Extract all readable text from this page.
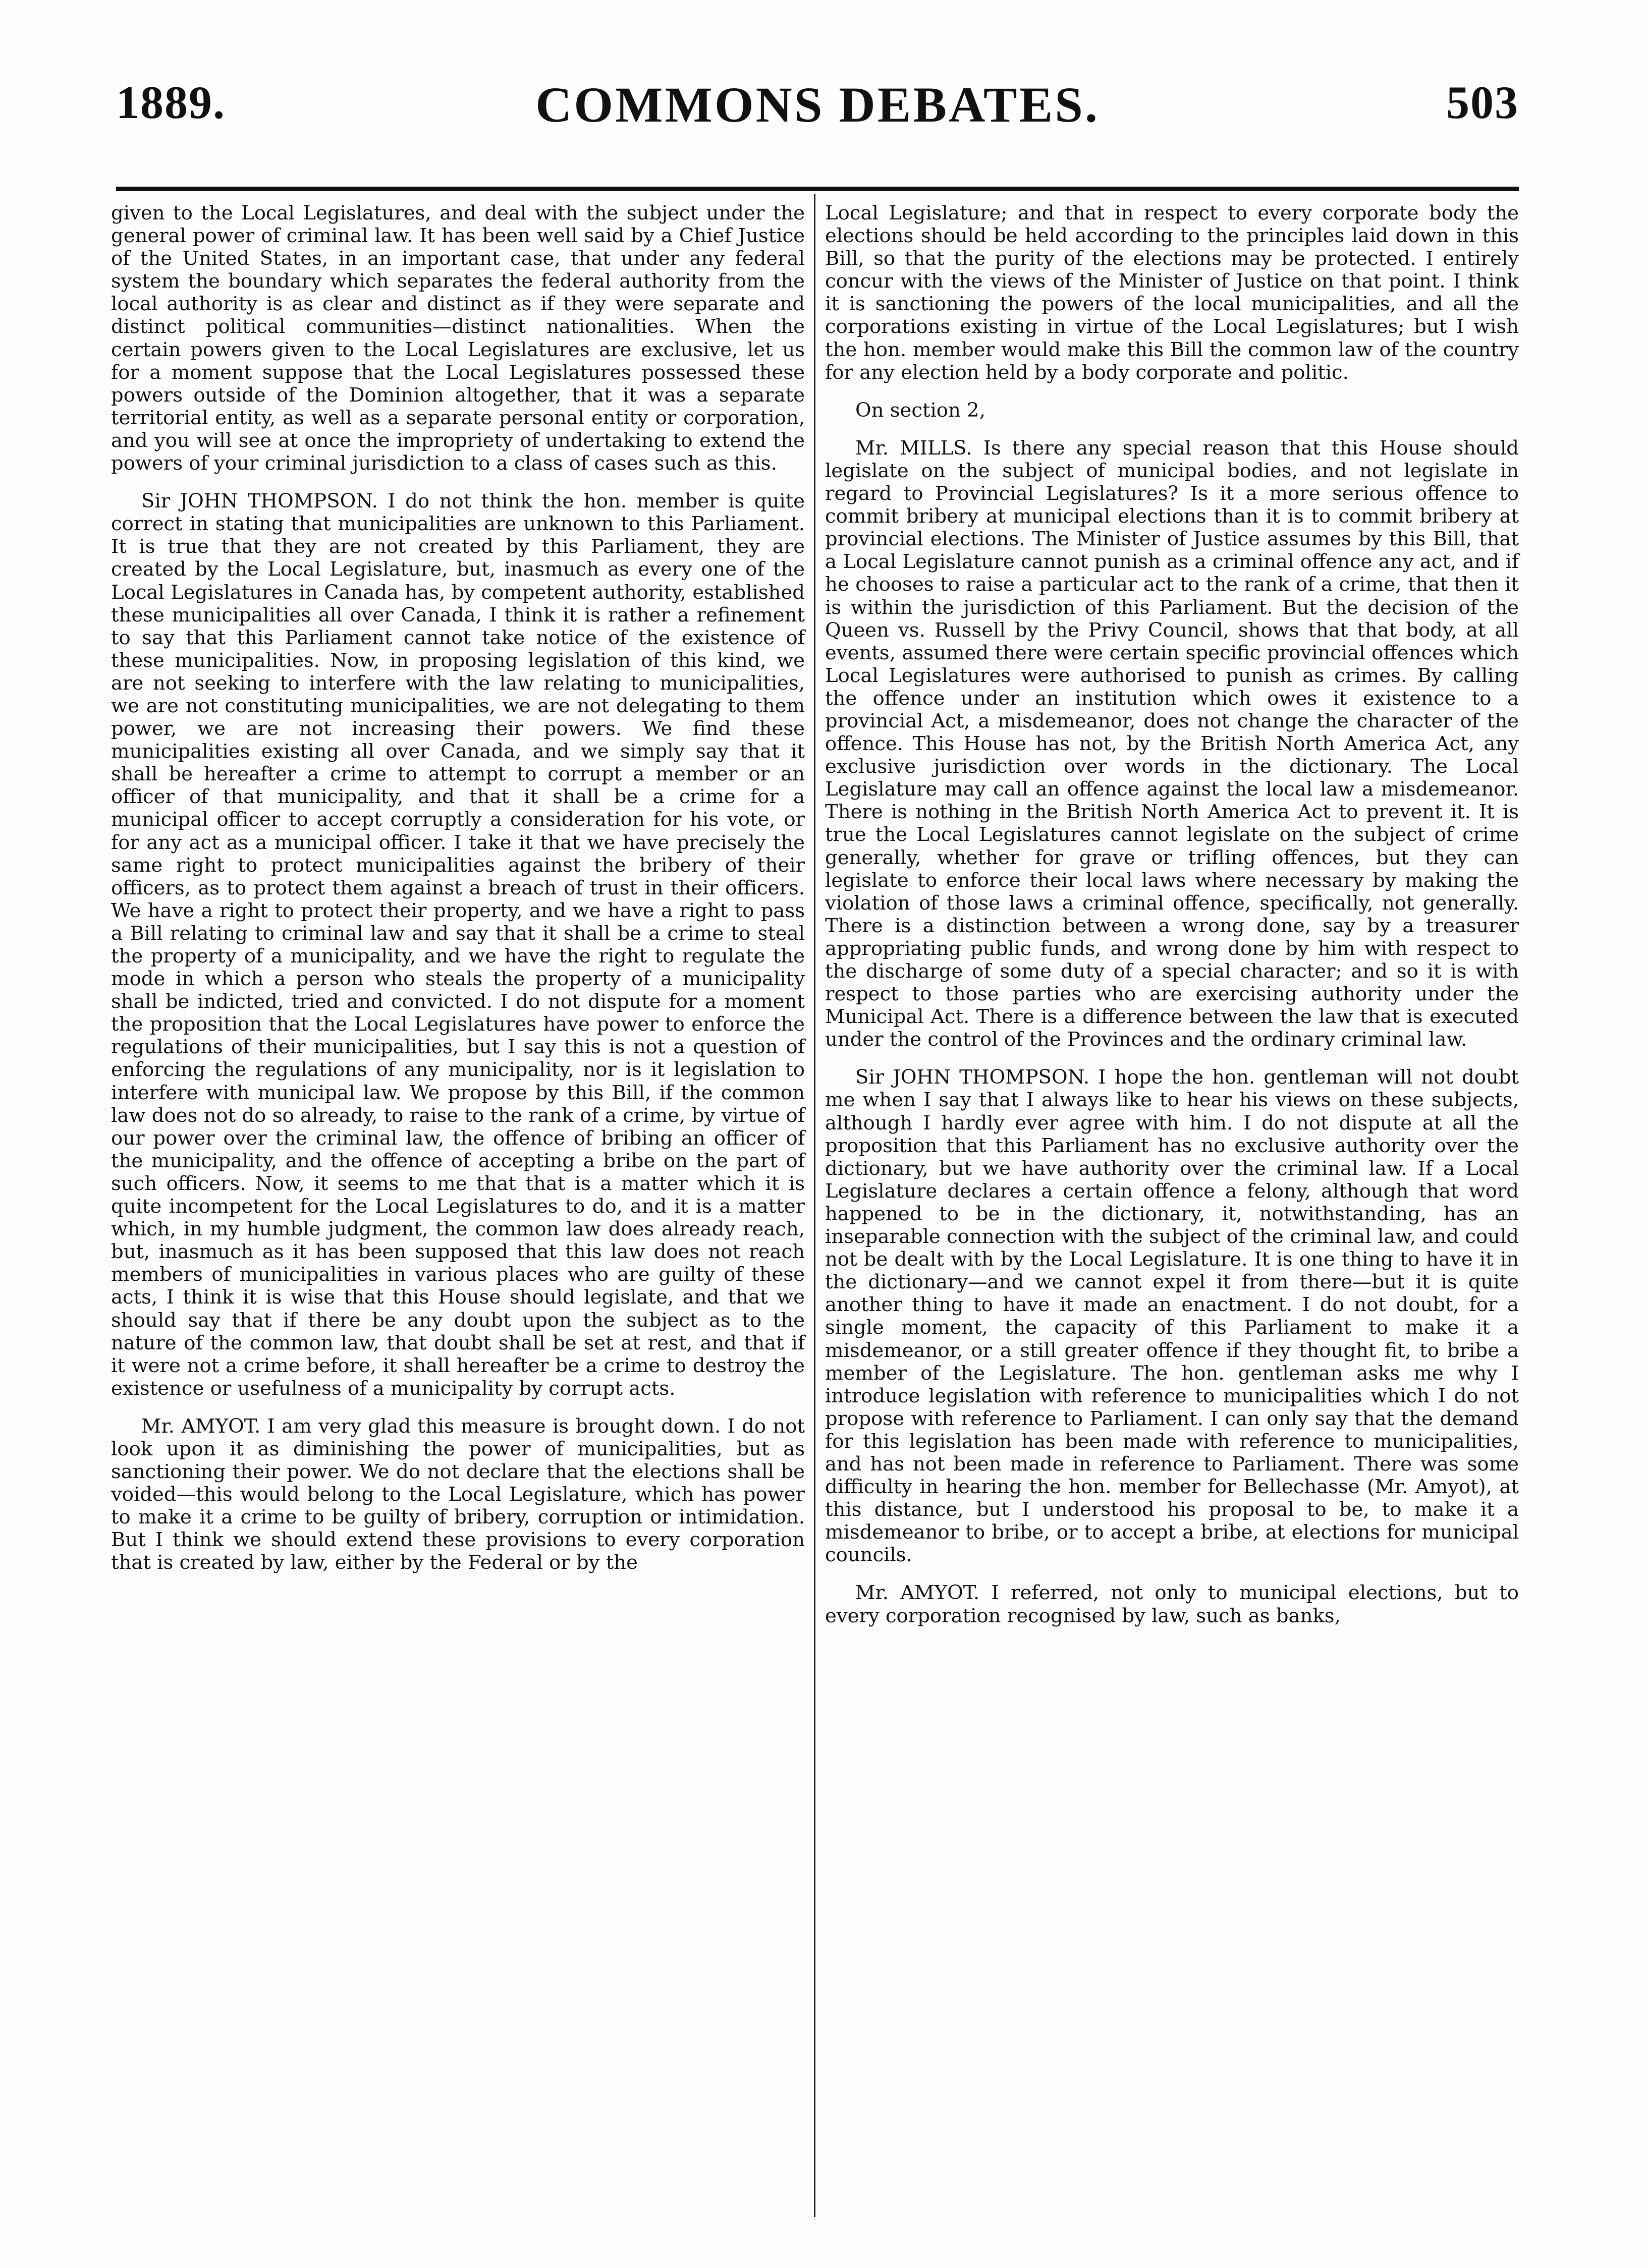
1889.	COMMONS DEBATES.	503

given to the Local Legislatures, and deal with the subject under the general power of criminal law. It has been well said by a Chief Justice of the United States, in an important case, that under any federal system the boundary which separates the federal authority from the local authority is as clear and distinct as if they were separate and distinct political communities—distinct nationalities. When the certain powers given to the Local Legislatures are exclusive, let us for a moment suppose that the Local Legislatures possessed these powers outside of the Dominion altogether, that it was a separate territorial entity, as well as a separate personal entity or corporation, and you will see at once the impropriety of undertaking to extend the powers of your criminal jurisdiction to a class of cases such as this.

Sir JOHN THOMPSON. I do not think the hon. member is quite correct in stating that municipalities are unknown to this Parliament. It is true that they are not created by this Parliament, they are created by the Local Legislature, but, inasmuch as every one of the Local Legislatures in Canada has, by competent authority, established these municipalities all over Canada, I think it is rather a refinement to say that this Parliament cannot take notice of the existence of these municipalities. Now, in proposing legislation of this kind, we are not seeking to interfere with the law relating to municipalities, we are not constituting municipalities, we are not delegating to them power, we are not increasing their powers. We find these municipalities existing all over Canada, and we simply say that it shall be hereafter a crime to attempt to corrupt a member or an officer of that municipality, and that it shall be a crime for a municipal officer to accept corruptly a consideration for his vote, or for any act as a municipal officer. I take it that we have precisely the same right to protect municipalities against the bribery of their officers, as to protect them against a breach of trust in their officers. We have a right to protect their property, and we have a right to pass a Bill relating to criminal law and say that it shall be a crime to steal the property of a municipality, and we have the right to regulate the mode in which a person who steals the property of a municipality shall be indicted, tried and convicted. I do not dispute for a moment the proposition that the Local Legislatures have power to enforce the regulations of their municipalities, but I say this is not a question of enforcing the regulations of any municipality, nor is it legislation to interfere with municipal law. We propose by this Bill, if the common law does not do so already, to raise to the rank of a crime, by virtue of our power over the criminal law, the offence of bribing an officer of the municipality, and the offence of accepting a bribe on the part of such officers. Now, it seems to me that that is a matter which it is quite incompetent for the Local Legislatures to do, and it is a matter which, in my humble judgment, the common law does already reach, but, inasmuch as it has been supposed that this law does not reach members of municipalities in various places who are guilty of these acts, I think it is wise that this House should legislate, and that we should say that if there be any doubt upon the subject as to the nature of the common law, that doubt shall be set at rest, and that if it were not a crime before, it shall hereafter be a crime to destroy the existence or usefulness of a municipality by corrupt acts.

Mr. AMYOT. I am very glad this measure is brought down. I do not look upon it as diminishing the power of municipalities, but as sanctioning their power. We do not declare that the elections shall be voided—this would belong to the Local Legislature, which has power to make it a crime to be guilty of bribery, corruption or intimidation. But I think we should extend these provisions to every corporation that is created by law, either by the Federal or by the

Local Legislature; and that in respect to every corporate body the elections should be held according to the principles laid down in this Bill, so that the purity of the elections may be protected. I entirely concur with the views of the Minister of Justice on that point. I think it is sanctioning the powers of the local municipalities, and all the corporations existing in virtue of the Local Legislatures; but I wish the hon. member would make this Bill the common law of the country for any election held by a body corporate and politic.

On section 2,

Mr. MILLS. Is there any special reason that this House should legislate on the subject of municipal bodies, and not legislate in regard to Provincial Legislatures? Is it a more serious offence to commit bribery at municipal elections than it is to commit bribery at provincial elections. The Minister of Justice assumes by this Bill, that a Local Legislature cannot punish as a criminal offence any act, and if he chooses to raise a particular act to the rank of a crime, that then it is within the jurisdiction of this Parliament. But the decision of the Queen vs. Russell by the Privy Council, shows that that body, at all events, assumed there were certain specific provincial offences which Local Legislatures were authorised to punish as crimes. By calling the offence under an institution which owes it existence to a provincial Act, a misdemeanor, does not change the character of the offence. This House has not, by the British North America Act, any exclusive jurisdiction over words in the dictionary. The Local Legislature may call an offence against the local law a misdemeanor. There is nothing in the British North America Act to prevent it. It is true the Local Legislatures cannot legislate on the subject of crime generally, whether for grave or trifling offences, but they can legislate to enforce their local laws where necessary by making the violation of those laws a criminal offence, specifically, not generally. There is a distinction between a wrong done, say by a treasurer appropriating public funds, and wrong done by him with respect to the discharge of some duty of a special character; and so it is with respect to those parties who are exercising authority under the Municipal Act. There is a difference between the law that is executed under the control of the Provinces and the ordinary criminal law.

Sir JOHN THOMPSON. I hope the hon. gentleman will not doubt me when I say that I always like to hear his views on these subjects, although I hardly ever agree with him. I do not dispute at all the proposition that this Parliament has no exclusive authority over the dictionary, but we have authority over the criminal law. If a Local Legislature declares a certain offence a felony, although that word happened to be in the dictionary, it, notwithstanding, has an inseparable connection with the subject of the criminal law, and could not be dealt with by the Local Legislature. It is one thing to have it in the dictionary—and we cannot expel it from there—but it is quite another thing to have it made an enactment. I do not doubt, for a single moment, the capacity of this Parliament to make it a misdemeanor, or a still greater offence if they thought fit, to bribe a member of the Legislature. The hon. gentleman asks me why I introduce legislation with reference to municipalities which I do not propose with reference to Parliament. I can only say that the demand for this legislation has been made with reference to municipalities, and has not been made in reference to Parliament. There was some difficulty in hearing the hon. member for Bellechasse (Mr. Amyot), at this distance, but I understood his proposal to be, to make it a misdemeanor to bribe, or to accept a bribe, at elections for municipal councils.

Mr. AMYOT. I referred, not only to municipal elections, but to every corporation recognised by law, such as banks,
